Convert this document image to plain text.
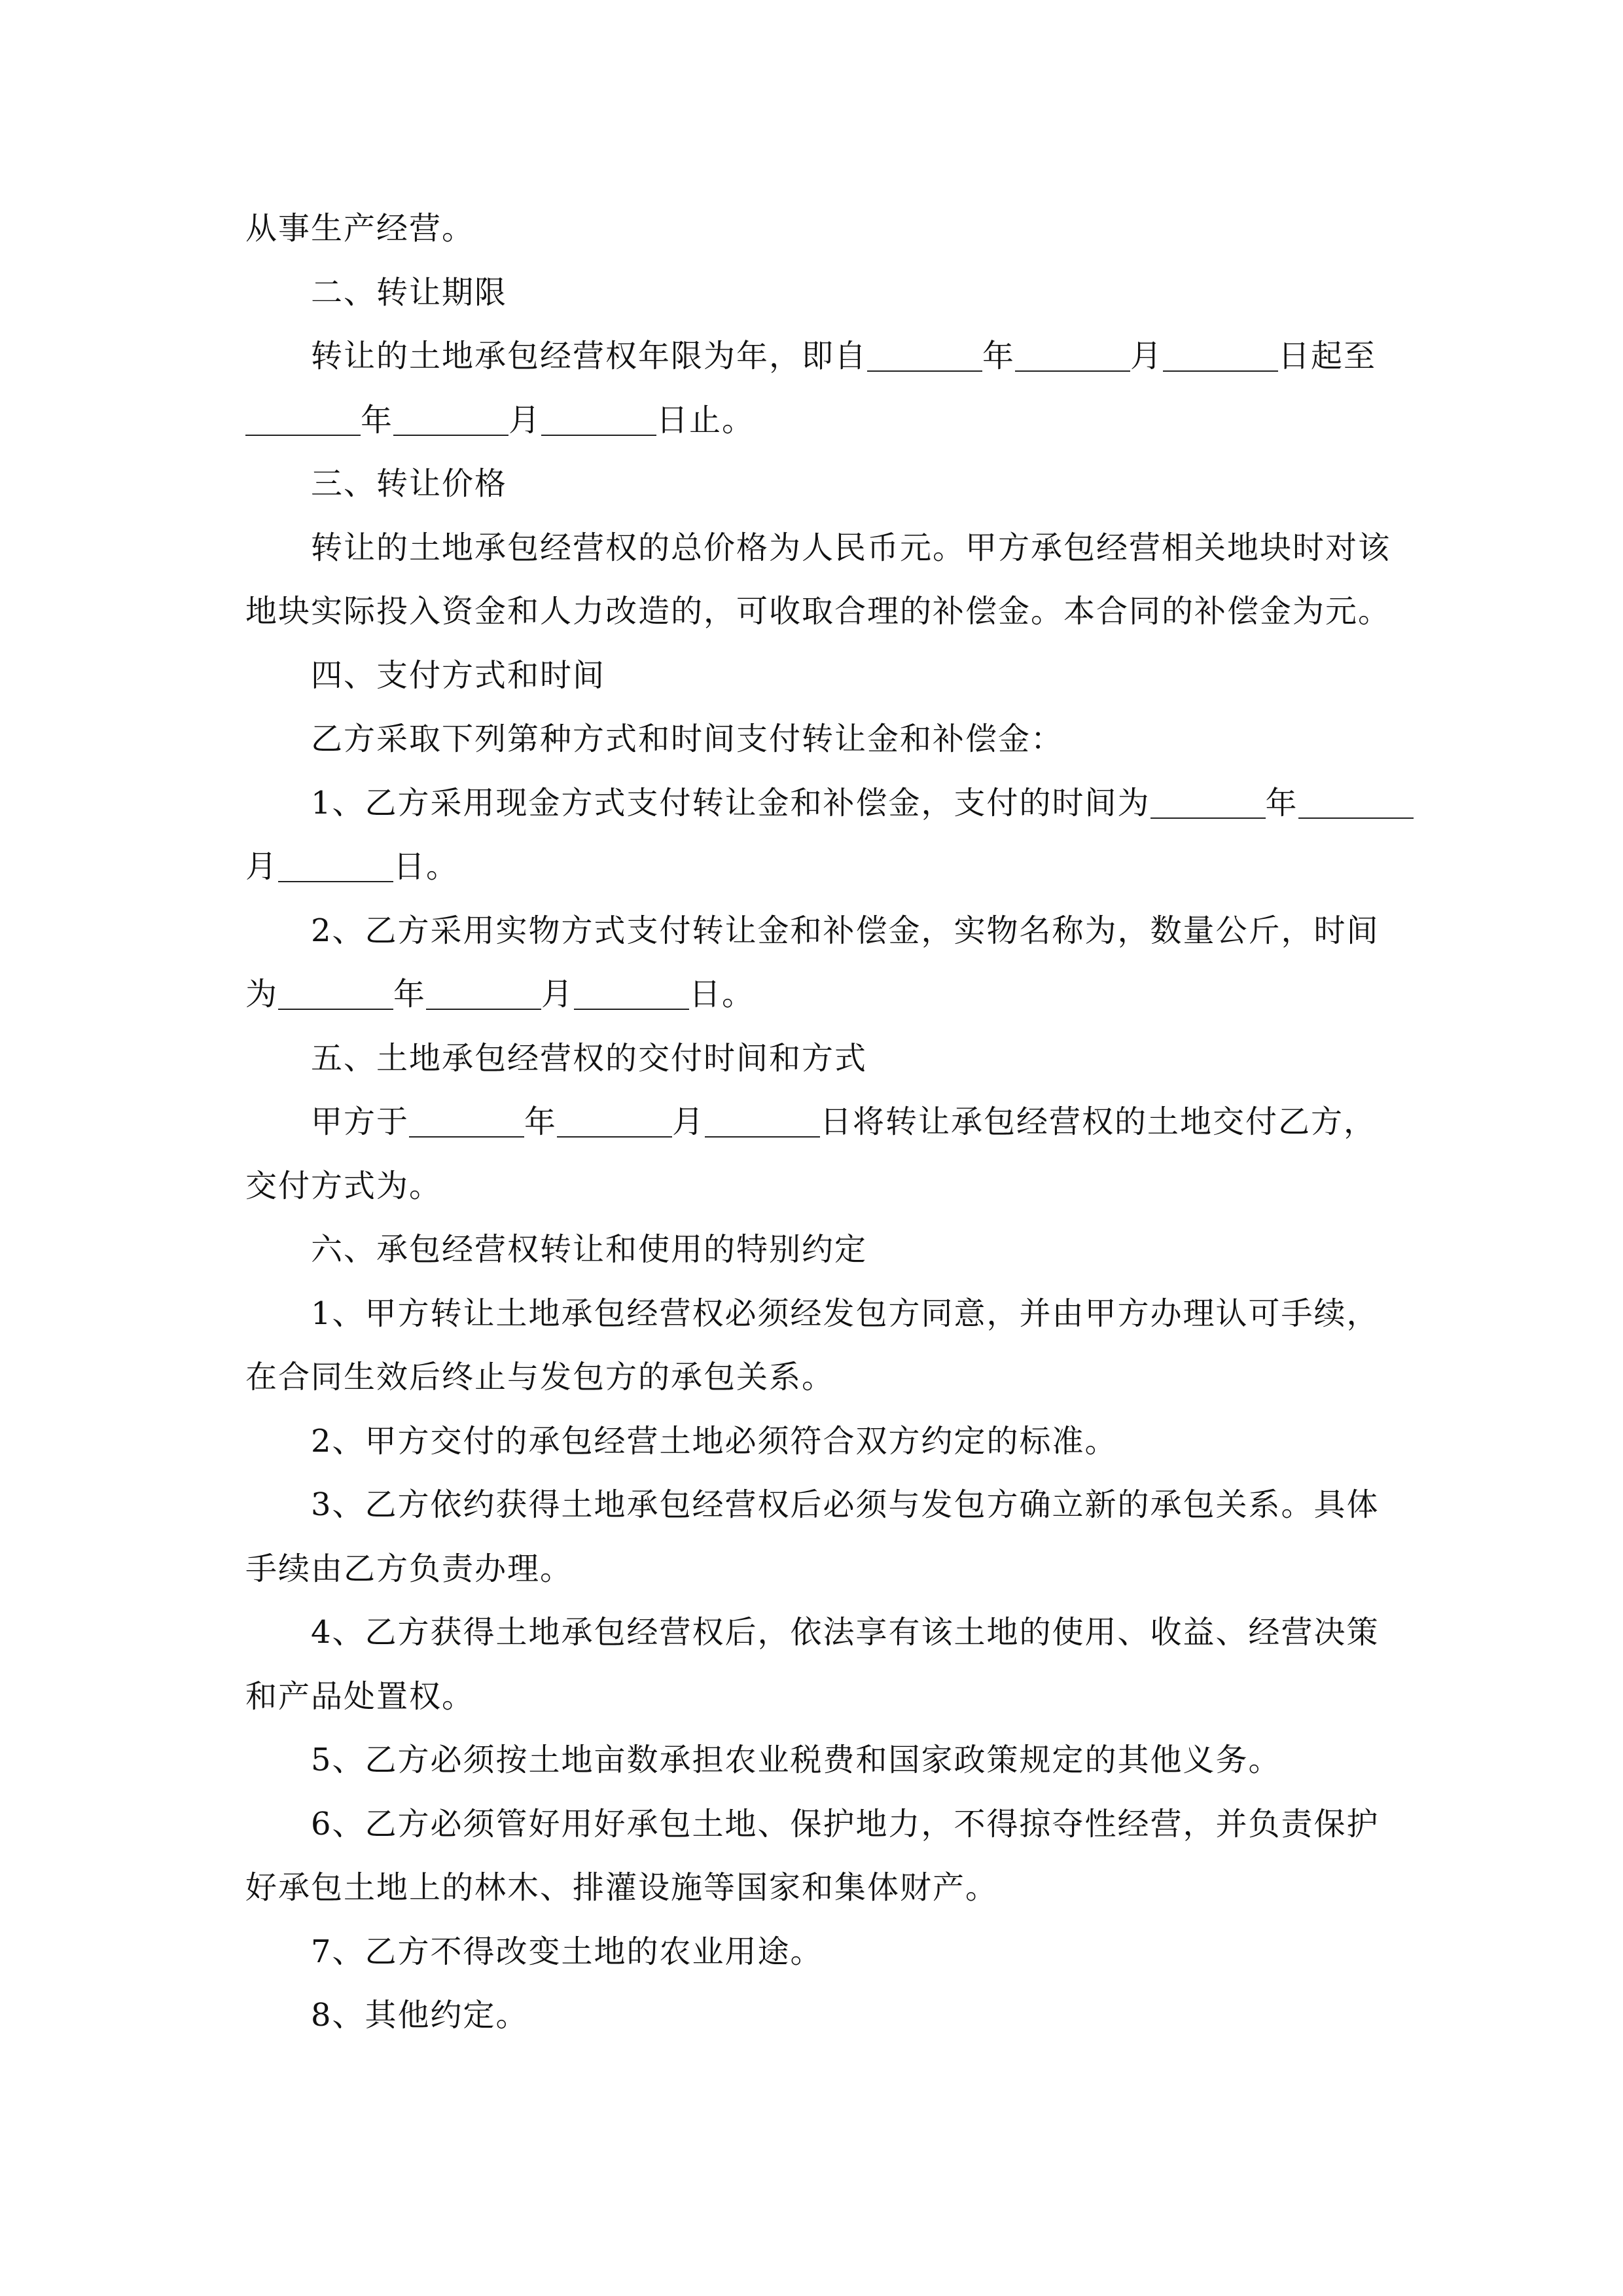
从事生产经营。
二、转让期限
转让的土地承包经营权年限为年，即自	年	月	日起至
年	月	日止。
三、转让价格
转让的土地承包经营权的总价格为人民币元。甲方承包经营相关地块时对该
地块实际投入资金和人力改造的，可收取合理的补偿金。本合同的补偿金为元。
四、支付方式和时间
乙方采取下列第种方式和时间支付转让金和补偿金：
1、乙方采用现金方式支付转让金和补偿金，支付的时间为	年
月	日。
2、乙方采用实物方式支付转让金和补偿金，实物名称为，数量公斤，时间
为	年	月	日。
五、土地承包经营权的交付时间和方式
甲方于	年	月	日将转让承包经营权的土地交付乙方，
交付方式为。
六、承包经营权转让和使用的特别约定
1、甲方转让土地承包经营权必须经发包方同意，并由甲方办理认可手续，
在合同生效后终止与发包方的承包关系。
2、甲方交付的承包经营土地必须符合双方约定的标准。
3、乙方依约获得土地承包经营权后必须与发包方确立新的承包关系。具体
手续由乙方负责办理。
4、乙方获得土地承包经营权后，依法享有该土地的使用、收益、经营决策
和产品处置权。
5、乙方必须按土地亩数承担农业税费和国家政策规定的其他义务。
6、乙方必须管好用好承包土地、保护地力，不得掠夺性经营，并负责保护
好承包土地上的林木、排灌设施等国家和集体财产。
7、乙方不得改变土地的农业用途。
8、其他约定。
